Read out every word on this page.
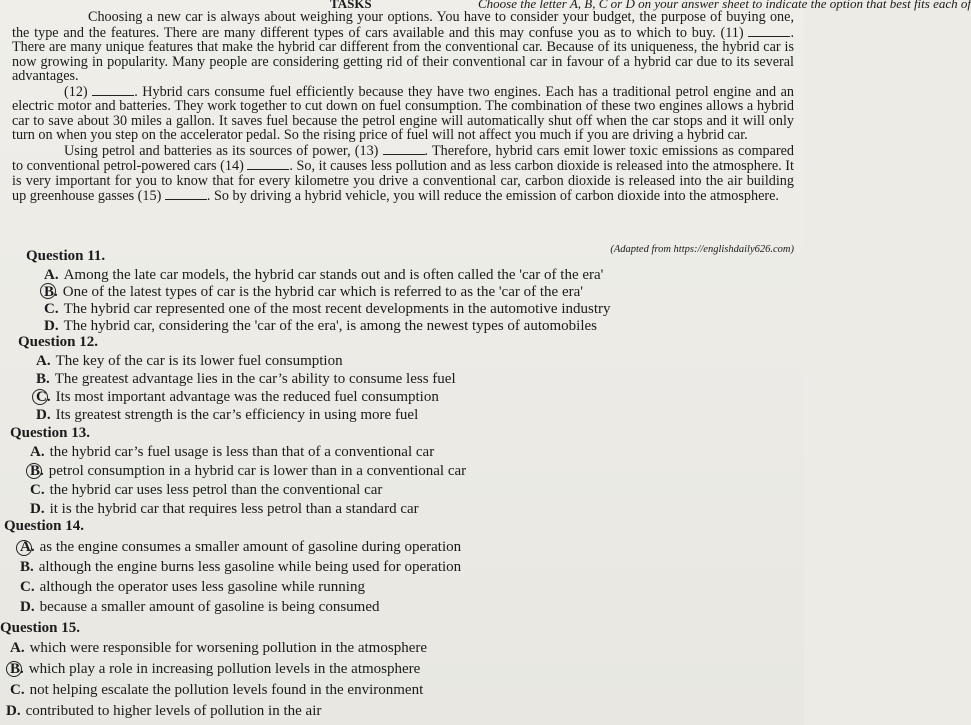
TASKS	Choose the letter A, B, C or D on your answer sheet to indicate the option that best fits each of

Choosing a new car is always about weighing your options. You have to consider your budget, the purpose of buying one, the type and the features. There are many different types of cars available and this may confuse you as to which to buy. (11)	. There are many unique features that make the hybrid car different from the conventional car. Because of its uniqueness, the hybrid car is now growing in popularity. Many people are considering getting rid of their conventional car in favour of a hybrid car due to its several advantages.

(12)	. Hybrid cars consume fuel efficiently because they have two engines. Each has a traditional petrol engine and an electric motor and batteries. They work together to cut down on fuel consumption. The combination of these two engines allows a hybrid car to save about 30 miles a gallon. It saves fuel because the petrol engine will automatically shut off when the car stops and it will only turn on when you step on the accelerator pedal. So the rising price of fuel will not affect you much if you are driving a hybrid car.

Using petrol and batteries as its sources of power, (13)	. Therefore, hybrid cars emit lower toxic emissions as compared to conventional petrol-powered cars (14)	. So, it causes less pollution and as less carbon dioxide is released into the atmosphere. It is very important for you to know that for every kilometre you drive a conventional car, carbon dioxide is released into the air building up greenhouse gasses (15)	. So by driving a hybrid vehicle, you will reduce the emission of carbon dioxide into the atmosphere.

(Adapted from https://englishdaily626.com)
Question 11.
A. Among the late car models, the hybrid car stands out and is often called the 'car of the era'
B. One of the latest types of car is the hybrid car which is referred to as the 'car of the era'
C. The hybrid car represented one of the most recent developments in the automotive industry
D. The hybrid car, considering the 'car of the era', is among the newest types of automobiles
Question 12.
A. The key of the car is its lower fuel consumption
B. The greatest advantage lies in the car’s ability to consume less fuel
C. Its most important advantage was the reduced fuel consumption
D. Its greatest strength is the car’s efficiency in using more fuel
Question 13.
A. the hybrid car’s fuel usage is less than that of a conventional car
B. petrol consumption in a hybrid car is lower than in a conventional car
C. the hybrid car uses less petrol than the conventional car
D. it is the hybrid car that requires less petrol than a standard car
Question 14.
A. as the engine consumes a smaller amount of gasoline during operation
B. although the engine burns less gasoline while being used for operation
C. although the operator uses less gasoline while running
D. because a smaller amount of gasoline is being consumed
Question 15.
A. which were responsible for worsening pollution in the atmosphere
B. which play a role in increasing pollution levels in the atmosphere
C. not helping escalate the pollution levels found in the environment
D. contributed to higher levels of pollution in the air
